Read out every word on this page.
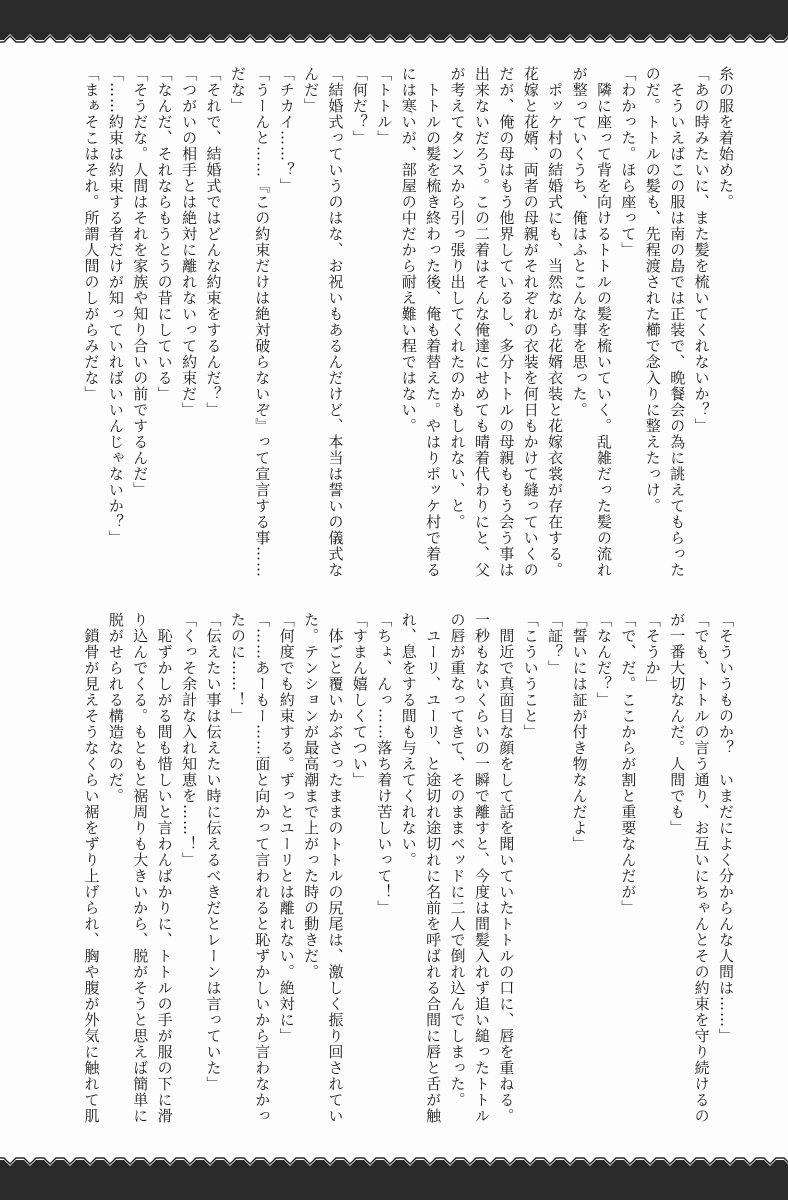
糸の服を着始めた。

「あの時みたいに、また髪を梳いてくれないか？」

　そういえばこの服は南の島では正装で、晩餐会の為に誂えてもらった

のだ。トトルの髪も、先程渡された櫛で念入りに整えたっけ。

「わかった。ほら座って」

　隣に座って背を向けるトトルの髪を梳いていく。乱雑だった髪の流れ

が整っていくうち、俺はふとこんな事を思った。

　ポッケ村の結婚式にも、当然ながら花婿衣装と花嫁衣裳が存在する。

花嫁と花婿、両者の母親がそれぞれの衣装を何日もかけて縫っていくの

だが、俺の母はもう他界しているし、多分トトルの母親ももう会う事は

出来ないだろう。この二着はそんな俺達にせめても晴着代わりにと、父

が考えてタンスから引っ張り出してくれたのかもしれない、と。

　トトルの髪を梳き終わった後、俺も着替えた。やはりポッケ村で着る

には寒いが、部屋の中だから耐え難い程ではない。

「トトル」

「何だ？」

「結婚式っていうのはな、お祝いもあるんだけど、本当は誓いの儀式な

んだ」

「チカイ……？」

「うーんと……『この約束だけは絶対破らないぞ』って宣言する事……

だな」

「それで、結婚式ではどんな約束をするんだ？」

「つがいの相手とは絶対に離れないって約束だ」

「なんだ、それならもうとうの昔にしている」

「そうだな。人間はそれを家族や知り合いの前でするんだ」

「……約束は約束する者だけが知っていればいいんじゃないか？」

「まぁそこはそれ。所謂人間のしがらみだな」

「そういうものか？　いまだによく分からんな人間は……」

「でも、トトルの言う通り、お互いにちゃんとその約束を守り続けるの

が一番大切なんだ。人間でも」

「そうか」

「で、だ。ここからが割と重要なんだが」

「なんだ？」

「誓いには証が付き物なんだよ」

「証？」

「こういうこと」

　間近で真面目な顔をして話を聞いていたトトルの口に、唇を重ねる。

一秒もないくらいの一瞬で離すと、今度は間髪入れず追い縋ったトトル

の唇が重なってきて、そのままベッドに二人で倒れ込んでしまった。

　ユーリ、ユーリ、と途切れ途切れに名前を呼ばれる合間に唇と舌が触

れ、息をする間も与えてくれない。

「ちょ、んっ……落ち着け苦しいって！」

「すまん嬉しくてつい」

　体ごと覆いかぶさったままのトトルの尻尾は、激しく振り回されてい

た。テンションが最高潮まで上がった時の動きだ。

「何度でも約束する。ずっとユーリとは離れない。絶対に」

「……あーもー……面と向かって言われると恥ずかしいから言わなかっ

たのに……！」

「伝えたい事は伝えたい時に伝えるべきだとレーンは言っていた」

「くっそ余計な入れ知恵を……！」

　恥ずかしがる間も惜しいと言わんばかりに、トトルの手が服の下に滑

り込んでくる。もともと裾周りも大きいから、脱がそうと思えば簡単に

脱がせられる構造なのだ。

　鎖骨が見えそうなくらい裾をずり上げられ、胸や腹が外気に触れて肌
